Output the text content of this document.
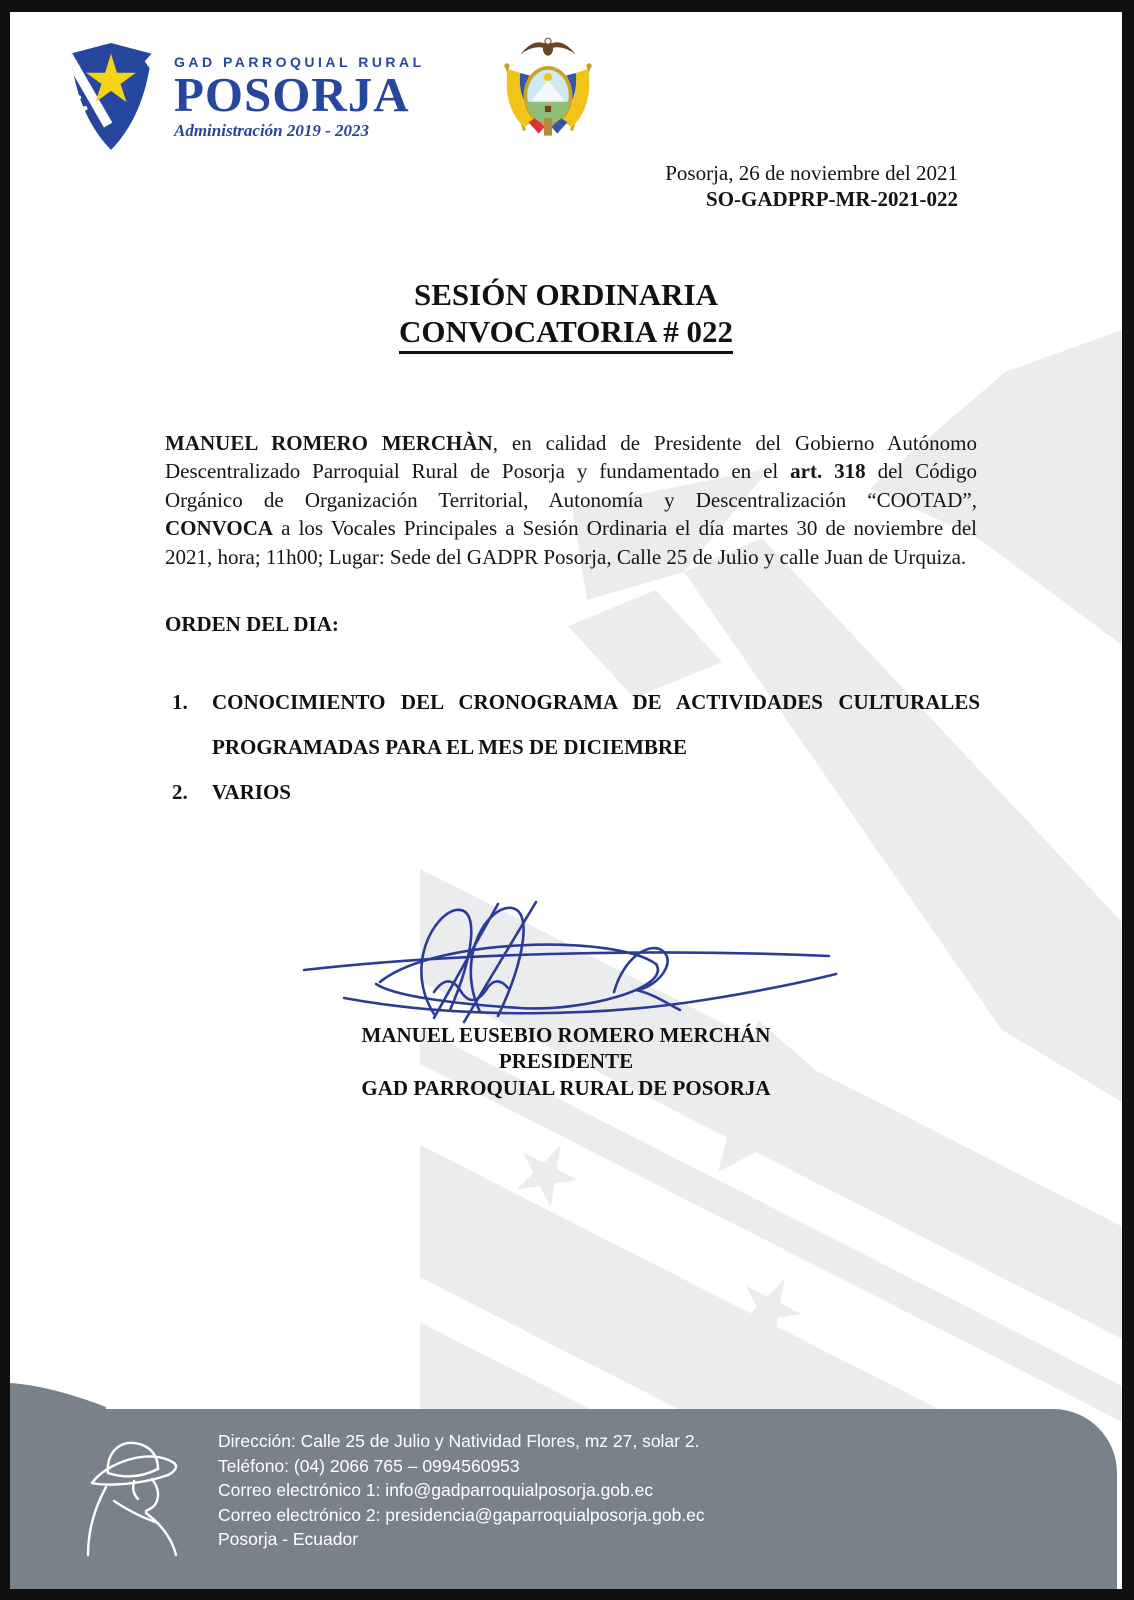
GAD PARROQUIAL RURAL
POSORJA
Administración 2019 - 2023
Posorja, 26 de noviembre del 2021
SO-GADPRP-MR-2021-022
SESIÓN ORDINARIA
CONVOCATORIA # 022

MANUEL ROMERO MERCHÀN, en calidad de Presidente del Gobierno Autónomo Descentralizado Parroquial Rural de Posorja y fundamentado en el art. 318 del Código Orgánico de Organización Territorial, Autonomía y Descentralización “COOTAD”, CONVOCA a los Vocales Principales a Sesión Ordinaria el día martes 30 de noviembre del 2021, hora; 11h00; Lugar: Sede del GADPR Posorja, Calle 25 de Julio y calle Juan de Urquiza.

ORDEN DEL DIA:
1.	CONOCIMIENTO DEL CRONOGRAMA DE ACTIVIDADES CULTURALES PROGRAMADAS PARA EL MES DE DICIEMBRE
2.	VARIOS
MANUEL EUSEBIO ROMERO MERCHÁN
PRESIDENTE
GAD PARROQUIAL RURAL DE POSORJA
Dirección: Calle 25 de Julio y Natividad Flores, mz 27, solar 2.
Teléfono: (04) 2066 765 – 0994560953
Correo electrónico 1: info@gadparroquialposorja.gob.ec
Correo electrónico 2: presidencia@gaparroquialposorja.gob.ec
Posorja - Ecuador
